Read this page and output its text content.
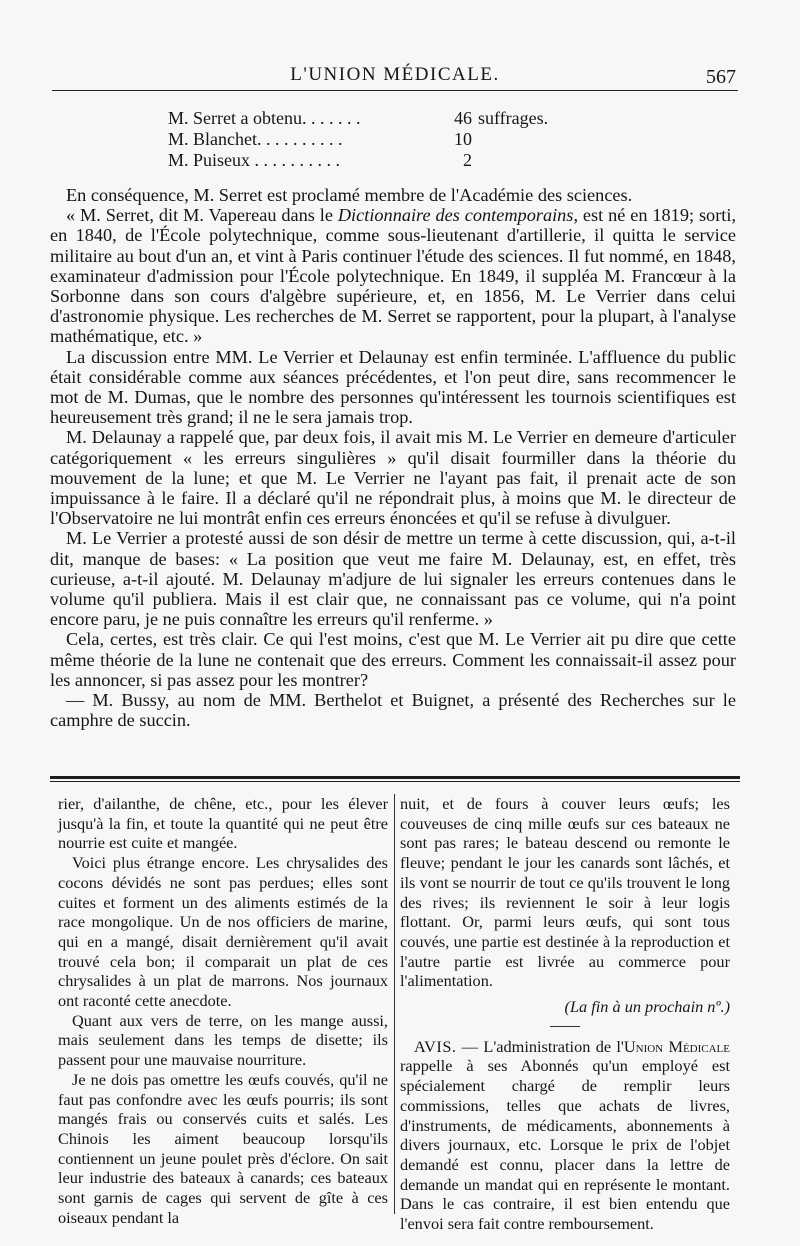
L'UNION MÉDICALE.	567
M. Serret a obtenu. . . . . . .	46 suffrages.
M. Blanchet. . . . . . . . . .	10
M. Puiseux . . . . . . . . . .	2

En conséquence, M. Serret est proclamé membre de l'Académie des sciences.

« M. Serret, dit M. Vapereau dans le Dictionnaire des contemporains, est né en 1819; sorti, en 1840, de l'École polytechnique, comme sous-lieutenant d'artillerie, il quitta le service militaire au bout d'un an, et vint à Paris continuer l'étude des sciences. Il fut nommé, en 1848, examinateur d'admission pour l'École polytechnique. En 1849, il suppléa M. Francœur à la Sorbonne dans son cours d'algèbre supérieure, et, en 1856, M. Le Verrier dans celui d'astronomie physique. Les recherches de M. Serret se rapportent, pour la plupart, à l'analyse mathématique, etc. »

La discussion entre MM. Le Verrier et Delaunay est enfin terminée. L'affluence du public était considérable comme aux séances précédentes, et l'on peut dire, sans recommencer le mot de M. Dumas, que le nombre des personnes qu'intéressent les tournois scientifiques est heureusement très grand; il ne le sera jamais trop.

M. Delaunay a rappelé que, par deux fois, il avait mis M. Le Verrier en demeure d'articuler catégoriquement « les erreurs singulières » qu'il disait fourmiller dans la théorie du mouvement de la lune; et que M. Le Verrier ne l'ayant pas fait, il prenait acte de son impuissance à le faire. Il a déclaré qu'il ne répondrait plus, à moins que M. le directeur de l'Observatoire ne lui montrât enfin ces erreurs énoncées et qu'il se refuse à divulguer.

M. Le Verrier a protesté aussi de son désir de mettre un terme à cette discussion, qui, a-t-il dit, manque de bases: « La position que veut me faire M. Delaunay, est, en effet, très curieuse, a-t-il ajouté. M. Delaunay m'adjure de lui signaler les erreurs contenues dans le volume qu'il publiera. Mais il est clair que, ne connaissant pas ce volume, qui n'a point encore paru, je ne puis connaître les erreurs qu'il renferme. »

Cela, certes, est très clair. Ce qui l'est moins, c'est que M. Le Verrier ait pu dire que cette même théorie de la lune ne contenait que des erreurs. Comment les connaissait-il assez pour les annoncer, si pas assez pour les montrer?

— M. Bussy, au nom de MM. Berthelot et Buignet, a présenté des Recherches sur le camphre de succin.

rier, d'ailanthe, de chêne, etc., pour les élever jusqu'à la fin, et toute la quantité qui ne peut être nourrie est cuite et mangée.

Voici plus étrange encore. Les chrysalides des cocons dévidés ne sont pas perdues; elles sont cuites et forment un des aliments estimés de la race mongolique. Un de nos officiers de marine, qui en a mangé, disait dernièrement qu'il avait trouvé cela bon; il comparait un plat de ces chrysalides à un plat de marrons. Nos journaux ont raconté cette anecdote.

Quant aux vers de terre, on les mange aussi, mais seulement dans les temps de disette; ils passent pour une mauvaise nourriture.

Je ne dois pas omettre les œufs couvés, qu'il ne faut pas confondre avec les œufs pourris; ils sont mangés frais ou conservés cuits et salés. Les Chinois les aiment beaucoup lorsqu'ils contiennent un jeune poulet près d'éclore. On sait leur industrie des bateaux à canards; ces bateaux sont garnis de cages qui servent de gîte à ces oiseaux pendant la

nuit, et de fours à couver leurs œufs; les couveuses de cinq mille œufs sur ces bateaux ne sont pas rares; le bateau descend ou remonte le fleuve; pendant le jour les canards sont lâchés, et ils vont se nourrir de tout ce qu'ils trouvent le long des rives; ils reviennent le soir à leur logis flottant. Or, parmi leurs œufs, qui sont tous couvés, une partie est destinée à la reproduction et l'autre partie est livrée au commerce pour l'alimentation.

(La fin à un prochain nº.)

AVIS. — L'administration de l'Union Médicale rappelle à ses Abonnés qu'un employé est spécialement chargé de remplir leurs commissions, telles que achats de livres, d'instruments, de médicaments, abonnements à divers journaux, etc. Lorsque le prix de l'objet demandé est connu, placer dans la lettre de demande un mandat qui en représente le montant. Dans le cas contraire, il est bien entendu que l'envoi sera fait contre remboursement.
